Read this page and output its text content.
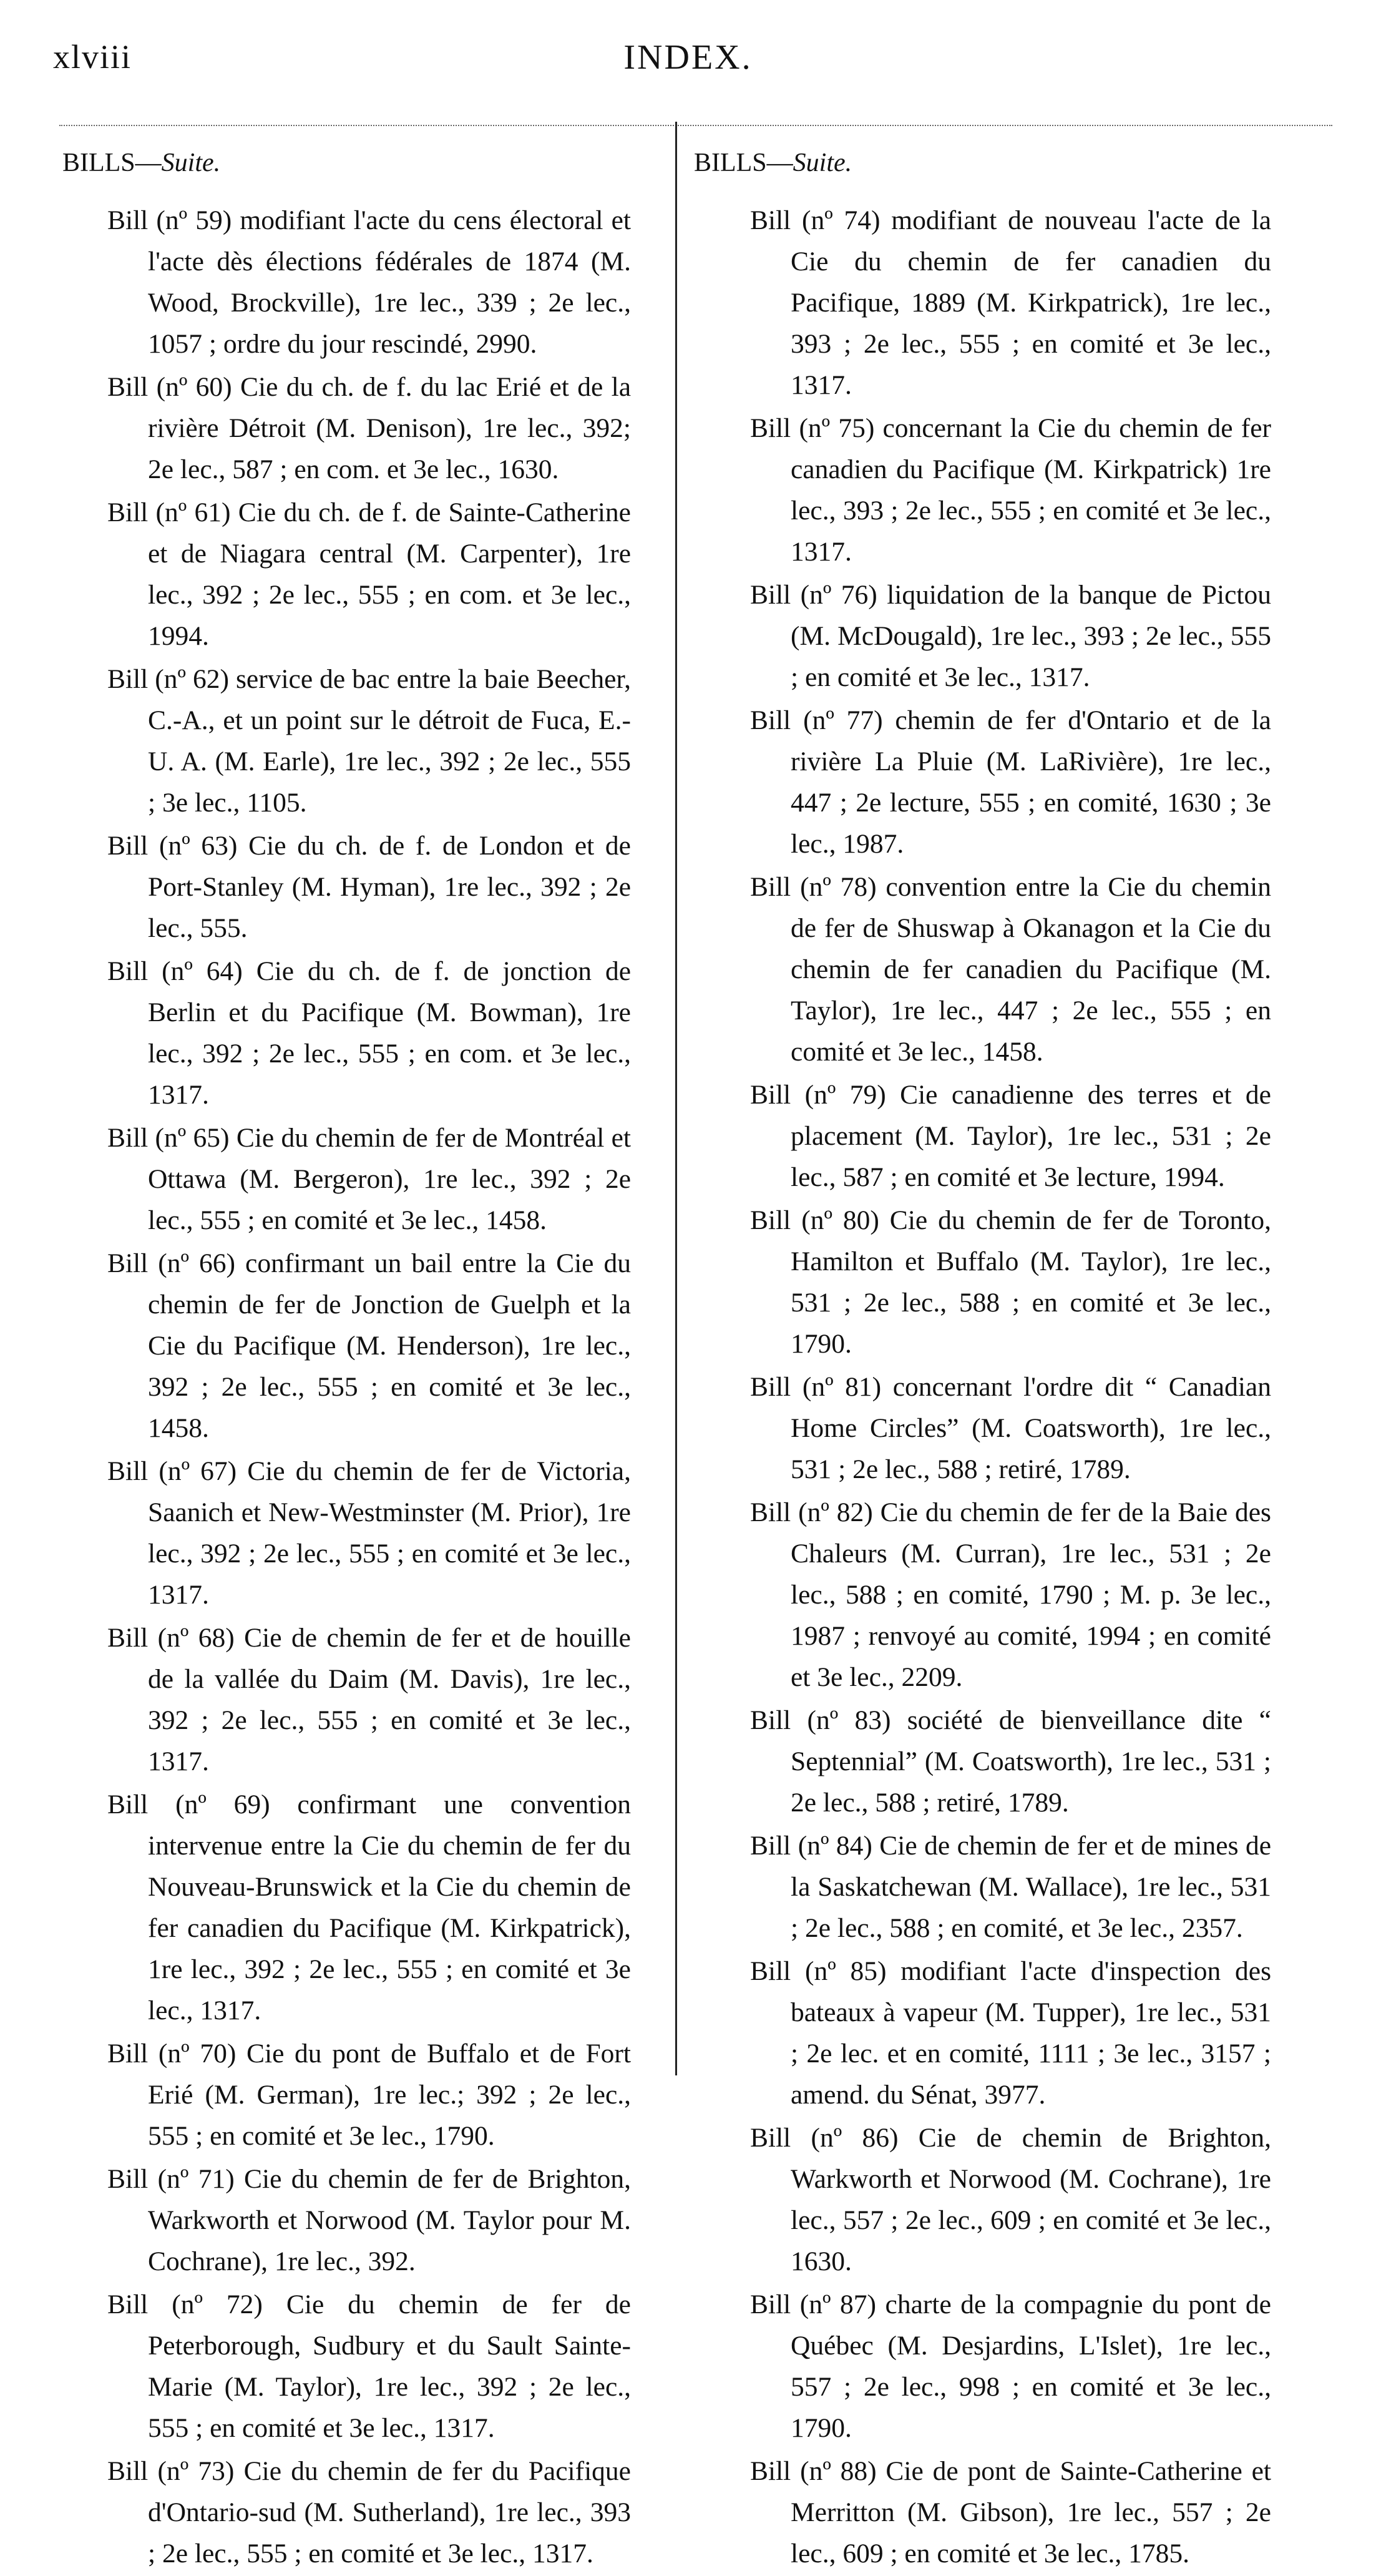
xlviii	INDEX.

BILLS—Suite.

Bill (nº 59) modifiant l'acte du cens électoral et l'acte dès élections fédérales de 1874 (M. Wood, Brockville), 1re lec., 339 ; 2e lec., 1057 ; ordre du jour rescindé, 2990.

Bill (nº 60) Cie du ch. de f. du lac Erié et de la rivière Détroit (M. Denison), 1re lec., 392; 2e lec., 587 ; en com. et 3e lec., 1630.

Bill (nº 61) Cie du ch. de f. de Sainte-Catherine et de Niagara central (M. Carpenter), 1re lec., 392 ; 2e lec., 555 ; en com. et 3e lec., 1994.

Bill (nº 62) service de bac entre la baie Beecher, C.-A., et un point sur le détroit de Fuca, E.-U. A. (M. Earle), 1re lec., 392 ; 2e lec., 555 ; 3e lec., 1105.

Bill (nº 63) Cie du ch. de f. de London et de Port-Stanley (M. Hyman), 1re lec., 392 ; 2e lec., 555.

Bill (nº 64) Cie du ch. de f. de jonction de Berlin et du Pacifique (M. Bowman), 1re lec., 392 ; 2e lec., 555 ; en com. et 3e lec., 1317.

Bill (nº 65) Cie du chemin de fer de Montréal et Ottawa (M. Bergeron), 1re lec., 392 ; 2e lec., 555 ; en comité et 3e lec., 1458.

Bill (nº 66) confirmant un bail entre la Cie du chemin de fer de Jonction de Guelph et la Cie du Pacifique (M. Henderson), 1re lec., 392 ; 2e lec., 555 ; en comité et 3e lec., 1458.

Bill (nº 67) Cie du chemin de fer de Victoria, Saanich et New-Westminster (M. Prior), 1re lec., 392 ; 2e lec., 555 ; en comité et 3e lec., 1317.

Bill (nº 68) Cie de chemin de fer et de houille de la vallée du Daim (M. Davis), 1re lec., 392 ; 2e lec., 555 ; en comité et 3e lec., 1317.

Bill (nº 69) confirmant une convention intervenue entre la Cie du chemin de fer du Nouveau-Brunswick et la Cie du chemin de fer canadien du Pacifique (M. Kirkpatrick), 1re lec., 392 ; 2e lec., 555 ; en comité et 3e lec., 1317.

Bill (nº 70) Cie du pont de Buffalo et de Fort Erié (M. German), 1re lec.; 392 ; 2e lec., 555 ; en comité et 3e lec., 1790.

Bill (nº 71) Cie du chemin de fer de Brighton, Warkworth et Norwood (M. Taylor pour M. Cochrane), 1re lec., 392.

Bill (nº 72) Cie du chemin de fer de Peterborough, Sudbury et du Sault Sainte-Marie (M. Taylor), 1re lec., 392 ; 2e lec., 555 ; en comité et 3e lec., 1317.

Bill (nº 73) Cie du chemin de fer du Pacifique d'Ontario-sud (M. Sutherland), 1re lec., 393 ; 2e lec., 555 ; en comité et 3e lec., 1317.

BILLS—Suite.

Bill (nº 74) modifiant de nouveau l'acte de la Cie du chemin de fer canadien du Pacifique, 1889 (M. Kirkpatrick), 1re lec., 393 ; 2e lec., 555 ; en comité et 3e lec., 1317.

Bill (nº 75) concernant la Cie du chemin de fer canadien du Pacifique (M. Kirkpatrick) 1re lec., 393 ; 2e lec., 555 ; en comité et 3e lec., 1317.

Bill (nº 76) liquidation de la banque de Pictou (M. McDougald), 1re lec., 393 ; 2e lec., 555 ; en comité et 3e lec., 1317.

Bill (nº 77) chemin de fer d'Ontario et de la rivière La Pluie (M. LaRivière), 1re lec., 447 ; 2e lecture, 555 ; en comité, 1630 ; 3e lec., 1987.

Bill (nº 78) convention entre la Cie du chemin de fer de Shuswap à Okanagon et la Cie du chemin de fer canadien du Pacifique (M. Taylor), 1re lec., 447 ; 2e lec., 555 ; en comité et 3e lec., 1458.

Bill (nº 79) Cie canadienne des terres et de placement (M. Taylor), 1re lec., 531 ; 2e lec., 587 ; en comité et 3e lecture, 1994.

Bill (nº 80) Cie du chemin de fer de Toronto, Hamilton et Buffalo (M. Taylor), 1re lec., 531 ; 2e lec., 588 ; en comité et 3e lec., 1790.

Bill (nº 81) concernant l'ordre dit “ Canadian Home Circles” (M. Coatsworth), 1re lec., 531 ; 2e lec., 588 ; retiré, 1789.

Bill (nº 82) Cie du chemin de fer de la Baie des Chaleurs (M. Curran), 1re lec., 531 ; 2e lec., 588 ; en comité, 1790 ; M. p. 3e lec., 1987 ; renvoyé au comité, 1994 ; en comité et 3e lec., 2209.

Bill (nº 83) société de bienveillance dite “ Septennial” (M. Coatsworth), 1re lec., 531 ; 2e lec., 588 ; retiré, 1789.

Bill (nº 84) Cie de chemin de fer et de mines de la Saskatchewan (M. Wallace), 1re lec., 531 ; 2e lec., 588 ; en comité, et 3e lec., 2357.

Bill (nº 85) modifiant l'acte d'inspection des bateaux à vapeur (M. Tupper), 1re lec., 531 ; 2e lec. et en comité, 1111 ; 3e lec., 3157 ; amend. du Sénat, 3977.

Bill (nº 86) Cie de chemin de Brighton, Warkworth et Norwood (M. Cochrane), 1re lec., 557 ; 2e lec., 609 ; en comité et 3e lec., 1630.

Bill (nº 87) charte de la compagnie du pont de Québec (M. Desjardins, L'Islet), 1re lec., 557 ; 2e lec., 998 ; en comité et 3e lec., 1790.

Bill (nº 88) Cie de pont de Sainte-Catherine et Merritton (M. Gibson), 1re lec., 557 ; 2e lec., 609 ; en comité et 3e lec., 1785.
